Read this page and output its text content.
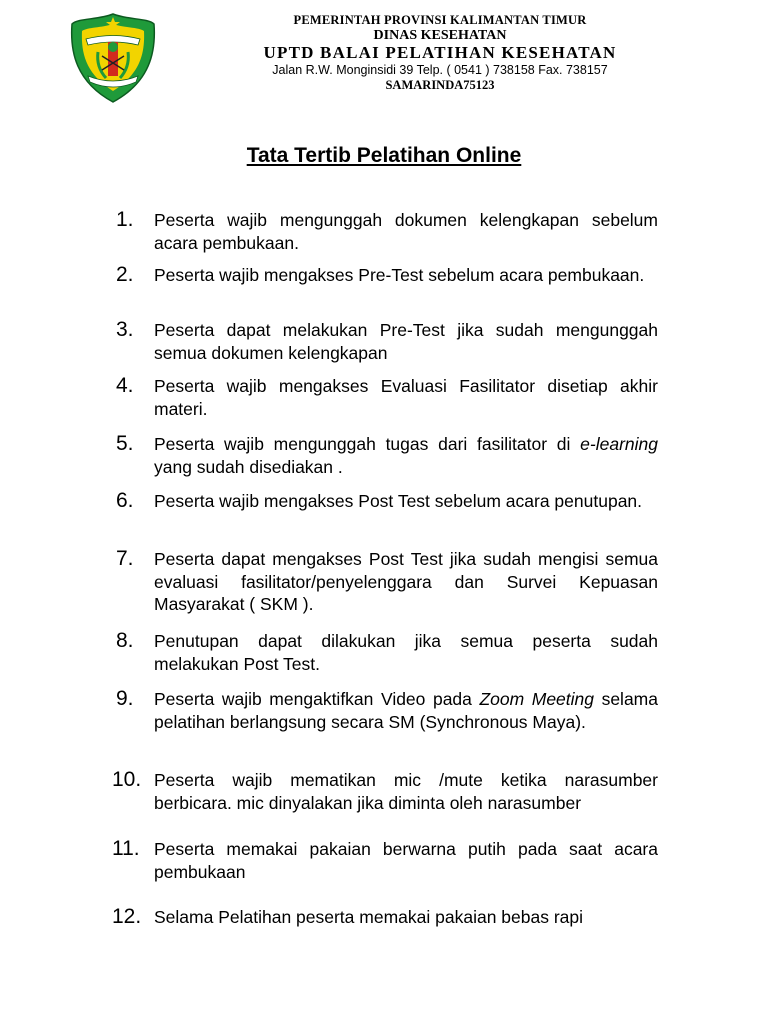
PEMERINTAH PROVINSI KALIMANTAN TIMUR
DINAS KESEHATAN
UPTD BALAI PELATIHAN KESEHATAN
Jalan R.W. Monginsidi 39 Telp. ( 0541 ) 738158 Fax. 738157
SAMARINDA75123
Tata Tertib Pelatihan Online
1. Peserta wajib mengunggah dokumen kelengkapan sebelum acara pembukaan.
2. Peserta wajib mengakses Pre-Test sebelum acara pembukaan.
3. Peserta dapat melakukan Pre-Test jika sudah mengunggah semua dokumen kelengkapan
4. Peserta wajib mengakses Evaluasi Fasilitator disetiap akhir materi.
5. Peserta wajib mengunggah tugas dari fasilitator di e-learning yang sudah disediakan .
6. Peserta wajib mengakses Post Test sebelum acara penutupan.
7. Peserta dapat mengakses Post Test jika sudah mengisi semua evaluasi fasilitator/penyelenggara dan Survei Kepuasan Masyarakat ( SKM ).
8. Penutupan dapat dilakukan jika semua peserta sudah melakukan Post Test.
9. Peserta wajib mengaktifkan Video pada Zoom Meeting selama pelatihan berlangsung secara SM (Synchronous Maya).
10. Peserta wajib mematikan mic /mute ketika narasumber berbicara. mic dinyalakan jika diminta oleh narasumber
11. Peserta memakai pakaian berwarna putih pada saat acara pembukaan
12. Selama Pelatihan peserta memakai pakaian bebas rapi
